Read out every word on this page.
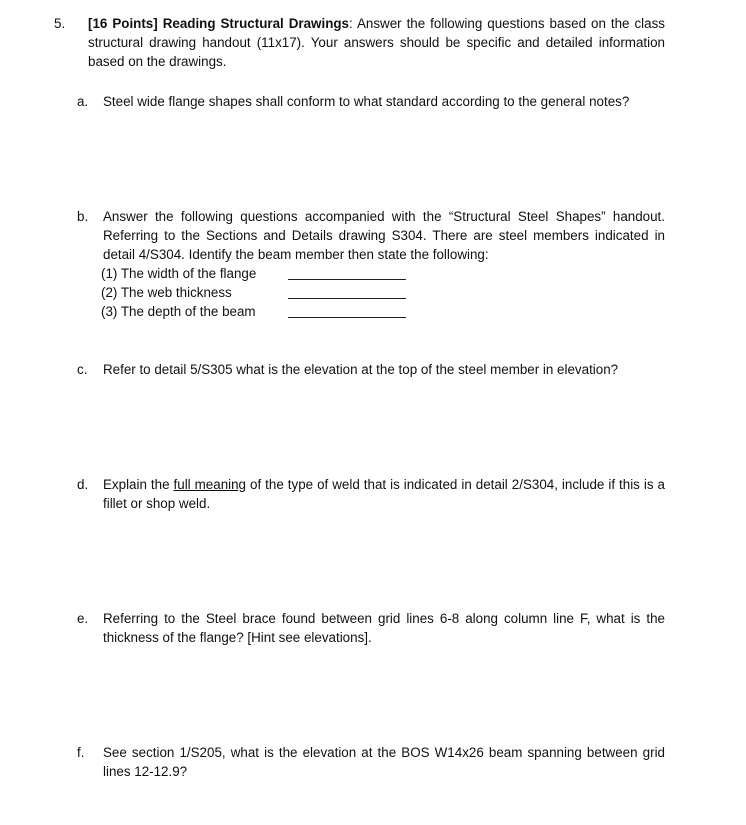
5. [16 Points] Reading Structural Drawings: Answer the following questions based on the class structural drawing handout (11x17). Your answers should be specific and detailed information based on the drawings.
a. Steel wide flange shapes shall conform to what standard according to the general notes?
b. Answer the following questions accompanied with the “Structural Steel Shapes” handout. Referring to the Sections and Details drawing S304. There are steel members indicated in detail 4/S304. Identify the beam member then state the following:
(1) The width of the flange
(2) The web thickness
(3) The depth of the beam
c. Refer to detail 5/S305 what is the elevation at the top of the steel member in elevation?
d. Explain the full meaning of the type of weld that is indicated in detail 2/S304, include if this is a fillet or shop weld.
e. Referring to the Steel brace found between grid lines 6-8 along column line F, what is the thickness of the flange? [Hint see elevations].
f. See section 1/S205, what is the elevation at the BOS W14x26 beam spanning between grid lines 12-12.9?
